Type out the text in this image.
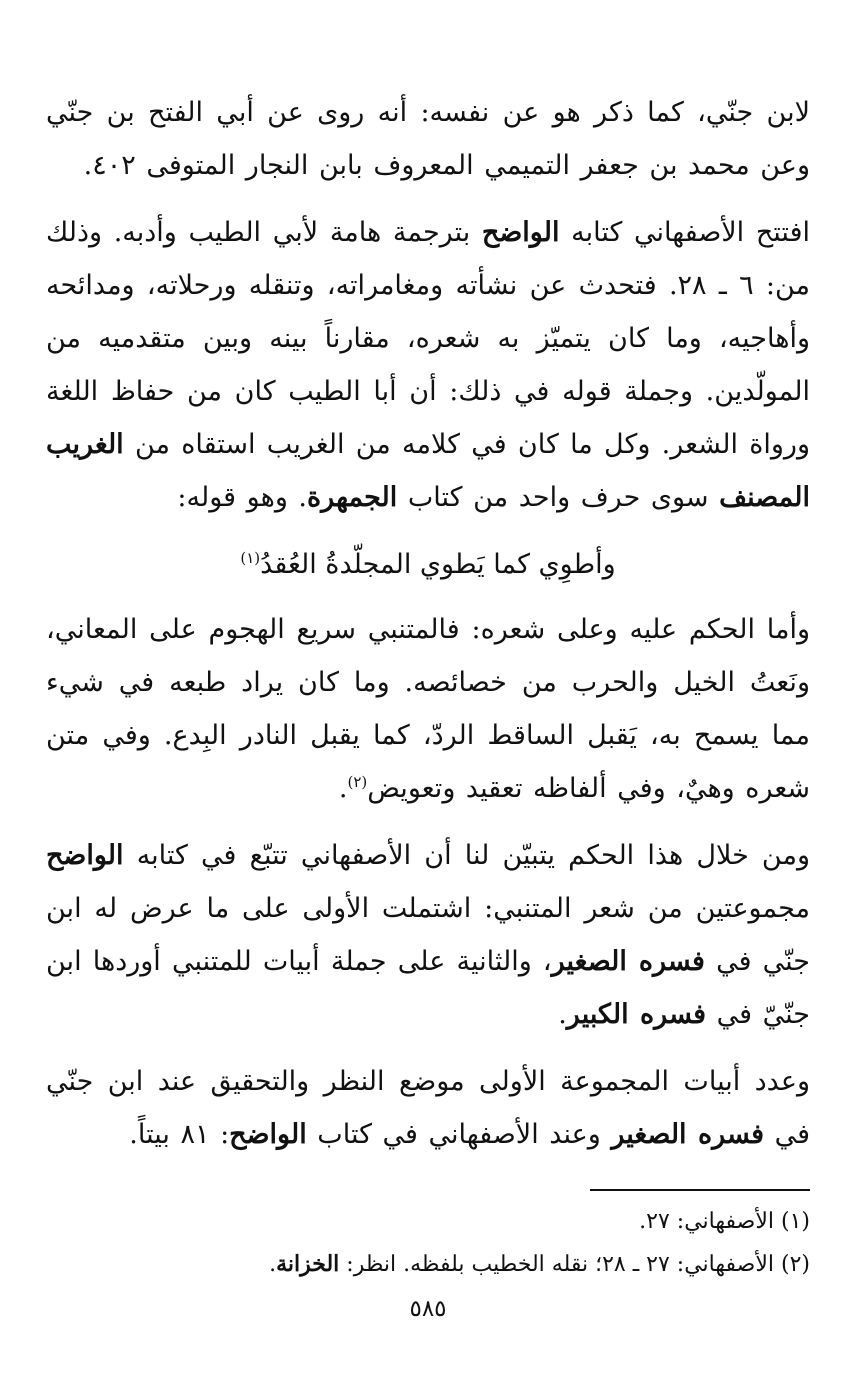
لابن جنّي، كما ذكر هو عن نفسه: أنه روى عن أبي الفتح بن جنّي وعن محمد بن جعفر التميمي المعروف بابن النجار المتوفى ٤٠٢.

افتتح الأصفهاني كتابه الواضح بترجمة هامة لأبي الطيب وأدبه. وذلك من: ٦ ـ ٢٨. فتحدث عن نشأته ومغامراته، وتنقله ورحلاته، ومدائحه وأهاجيه، وما كان يتميّز به شعره، مقارناً بينه وبين متقدميه من المولّدين. وجملة قوله في ذلك: أن أبا الطيب كان من حفاظ اللغة ورواة الشعر. وكل ما كان في كلامه من الغريب استقاه من الغريب المصنف سوى حرف واحد من كتاب الجمهرة. وهو قوله:

وأطوِي كما يَطوي المجلّدةُ العُقدُ$^{(١)}$

وأما الحكم عليه وعلى شعره: فالمتنبي سريع الهجوم على المعاني، ونَعتُ الخيل والحرب من خصائصه. وما كان يراد طبعه في شيء مما يسمح به، يَقبل الساقط الردّ، كما يقبل النادر البِدع. وفي متن شعره وهيٌ، وفي ألفاظه تعقيد وتعويض$^{(٢)}$.

ومن خلال هذا الحكم يتبيّن لنا أن الأصفهاني تتبّع في كتابه الواضح مجموعتين من شعر المتنبي: اشتملت الأولى على ما عرض له ابن جنّي في فسره الصغير، والثانية على جملة أبيات للمتنبي أوردها ابن جنّيّ في فسره الكبير.

وعدد أبيات المجموعة الأولى موضع النظر والتحقيق عند ابن جنّي في فسره الصغير وعند الأصفهاني في كتاب الواضح: ٨١ بيتاً.

(١) الأصفهاني: ٢٧.

(٢) الأصفهاني: ٢٧ ـ ٢٨؛ نقله الخطيب بلفظه. انظر: الخزانة.

٥٨٥
